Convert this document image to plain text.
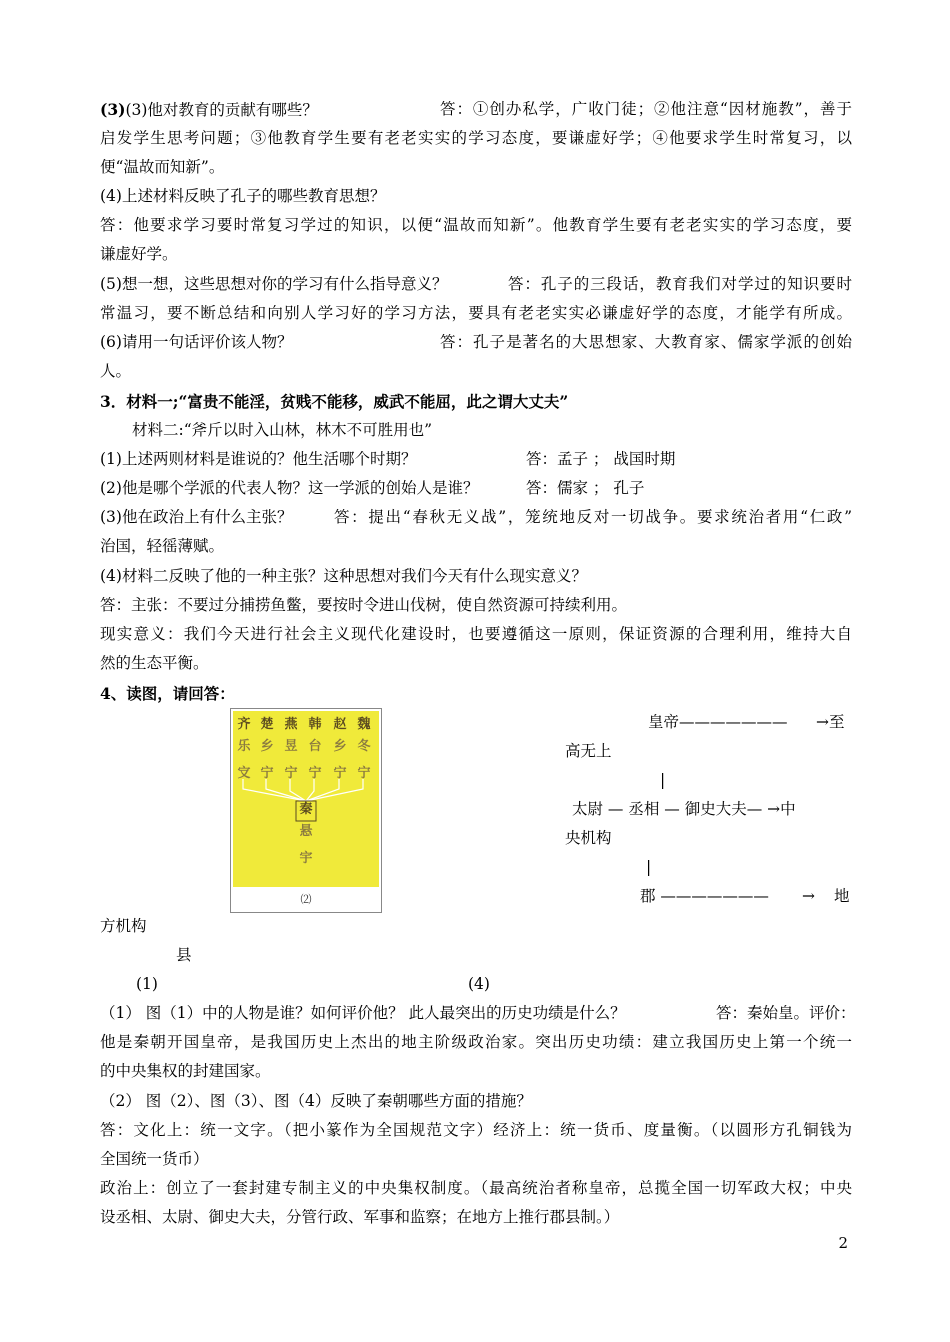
(3)(3)他对教育的贡献有哪些？	答：①创办私学，广收门徒；②他注意“因材施教”，善于
启发学生思考问题；③他教育学生要有老老实实的学习态度，要谦虚好学；④他要求学生时常复习，以
便“温故而知新”。
(4)上述材料反映了孔子的哪些教育思想？
答：他要求学习要时常复习学过的知识，以便“温故而知新”。他教育学生要有老老实实的学习态度，要
谦虚好学。
(5)想一想，这些思想对你的学习有什么指导意义？	答：孔子的三段话，教育我们对学过的知识要时
常温习，要不断总结和向别人学习好的学习方法，要具有老老实实必谦虚好学的态度，才能学有所成。
(6)请用一句话评价该人物？	答：孔子是著名的大思想家、大教育家、儒家学派的创始
人。
3．材料一;“富贵不能淫，贫贱不能移，威武不能屈，此之谓大丈夫”
材料二:“斧斤以时入山林，林木不可胜用也”
(1)上述两则材料是谁说的？他生活哪个时期？	答：孟子 ； 战国时期
(2)他是哪个学派的代表人物？这一学派的创始人是谁？	答：儒家 ； 孔子
(3)他在政治上有什么主张？	答：提出“春秋无义战”，笼统地反对一切战争。要求统治者用“仁政”
治国，轻徭薄赋。
(4)材料二反映了他的一种主张？这种思想对我们今天有什么现实意义？
答：主张：不要过分捕捞鱼鳖，要按时令进山伐树，使自然资源可持续利用。
现实意义：我们今天进行社会主义现代化建设时，也要遵循这一原则，保证资源的合理利用，维持大自
然的生态平衡。
4、读图，请回答：
方机构
县
(1)	(4)
（1） 图（1）中的人物是谁？如何评价他？ 此人最突出的历史功绩是什么？	答：秦始皇。评价：
他是秦朝开国皇帝，是我国历史上杰出的地主阶级政治家。突出历史功绩：建立我国历史上第一个统一
的中央集权的封建国家。
（2） 图（2）、图（3）、图（4）反映了秦朝哪些方面的措施？
答：文化上：统一文字。（把小篆作为全国规范文字）经济上：统一货币、度量衡。（以圆形方孔铜钱为
全国统一货币）
政治上：创立了一套封建专制主义的中央集权制度。（最高统治者称皇帝，总揽全国一切军政大权；中央
设丞相、太尉、御史大夫，分管行政、军事和监察；在地方上推行郡县制。）
齐
乐
㝊
楚
乡
宁
燕
昱
宁
韩
台
宁
赵
乡
宁
魏
冬
宁
秦
悬
宇
⑵
皇帝——————— →至
高无上
|
太尉 — 丞相 — 御史大夫— →中
央机构
|
郡 ——————— → 地
2
